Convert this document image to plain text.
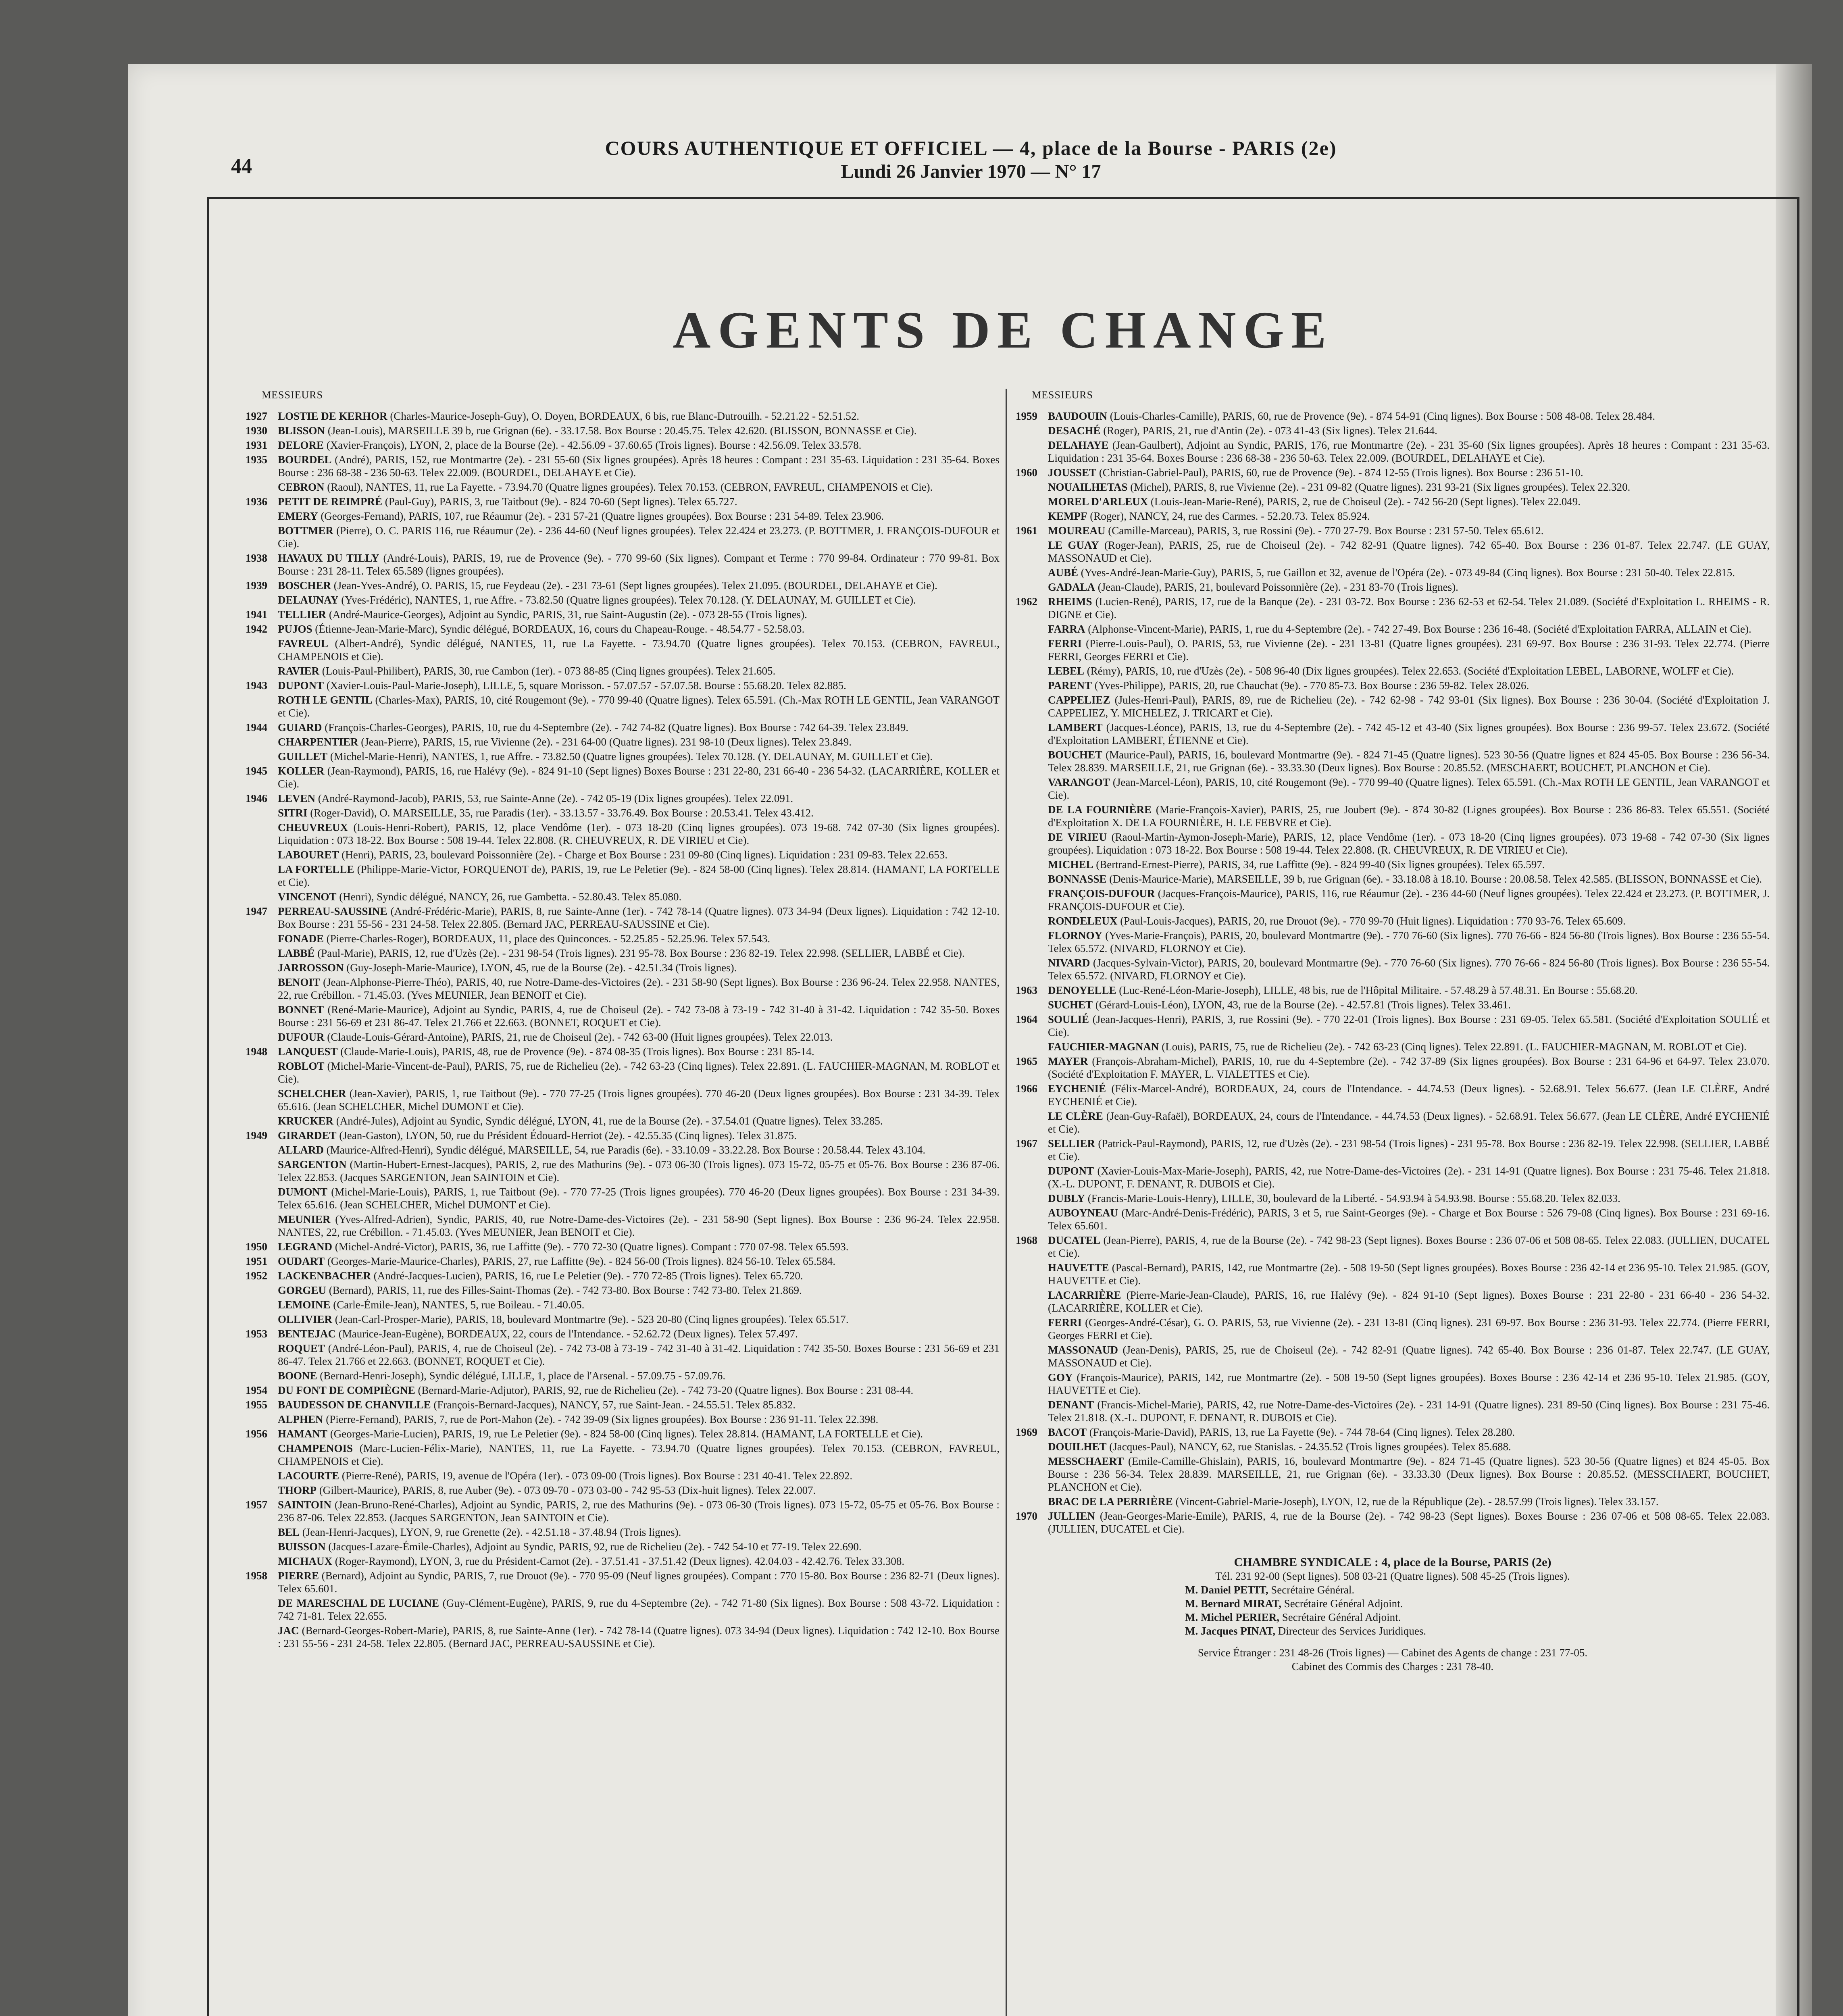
44
COURS AUTHENTIQUE ET OFFICIEL — 4, place de la Bourse - PARIS (2e)
Lundi 26 Janvier 1970 — N° 17
AGENTS DE CHANGE
MESSIEURS
1927 LOSTIE DE KERHOR (Charles-Maurice-Joseph-Guy), O. Doyen, BORDEAUX, 6 bis, rue Blanc-Dutrouilh. - 52.21.22 - 52.51.52.
1930 BLISSON (Jean-Louis), MARSEILLE 39 b, rue Grignan (6e). - 33.17.58. Box Bourse : 20.45.75. Telex 42.620. (BLISSON, BONNASSE et Cie).
1931 DELORE (Xavier-François), LYON, 2, place de la Bourse (2e). - 42.56.09 - 37.60.65 (Trois lignes). Bourse : 42.56.09. Telex 33.578.
1935 BOURDEL (André), PARIS, 152, rue Montmartre (2e). - 231 55-60 (Six lignes groupées). Après 18 heures : Compant : 231 35-63. Liquidation : 231 35-64. Boxes Bourse : 236 68-38 - 236 50-63. Telex 22.009. (BOURDEL, DELAHAYE et Cie).
CEBRON (Raoul), NANTES, 11, rue La Fayette. - 73.94.70 (Quatre lignes groupées). Telex 70.153. (CEBRON, FAVREUL, CHAMPENOIS et Cie).
1936 PETIT DE REIMPRÉ (Paul-Guy), PARIS, 3, rue Taitbout (9e). - 824 70-60 (Sept lignes). Telex 65.727.
EMERY (Georges-Fernand), PARIS, 107, rue Réaumur (2e). - 231 57-21 (Quatre lignes groupées). Box Bourse : 231 54-89. Telex 23.906.
BOTTMER (Pierre), O. C. PARIS 116, rue Réaumur (2e). - 236 44-60 (Neuf lignes groupées). Telex 22.424 et 23.273. (P. BOTTMER, J. FRANÇOIS-DUFOUR et Cie).
1938 HAVAUX DU TILLY (André-Louis), PARIS, 19, rue de Provence (9e). - 770 99-60 (Six lignes). Compant et Terme : 770 99-84. Ordinateur : 770 99-81. Box Bourse : 231 28-11. Telex 65.589 (lignes groupées).
1939 BOSCHER (Jean-Yves-André), O. PARIS, 15, rue Feydeau (2e). - 231 73-61 (Sept lignes groupées). Telex 21.095. (BOURDEL, DELAHAYE et Cie).
DELAUNAY (Yves-Frédéric), NANTES, 1, rue Affre. - 73.82.50 (Quatre lignes groupées). Telex 70.128. (Y. DELAUNAY, M. GUILLET et Cie).
1941 TELLIER (André-Maurice-Georges), Adjoint au Syndic, PARIS, 31, rue Saint-Augustin (2e). - 073 28-55 (Trois lignes).
1942 PUJOS (Étienne-Jean-Marie-Marc), Syndic délégué, BORDEAUX, 16, cours du Chapeau-Rouge. - 48.54.77 - 52.58.03.
FAVREUL (Albert-André), Syndic délégué, NANTES, 11, rue La Fayette. - 73.94.70 (Quatre lignes groupées). Telex 70.153. (CEBRON, FAVREUL, CHAMPENOIS et Cie).
RAVIER (Louis-Paul-Philibert), PARIS, 30, rue Cambon (1er). - 073 88-85 (Cinq lignes groupées). Telex 21.605.
1943 DUPONT (Xavier-Louis-Paul-Marie-Joseph), LILLE, 5, square Morisson. - 57.07.57 - 57.07.58. Bourse : 55.68.20. Telex 82.885.
ROTH LE GENTIL (Charles-Max), PARIS, 10, cité Rougemont (9e). - 770 99-40 (Quatre lignes). Telex 65.591. (Ch.-Max ROTH LE GENTIL, Jean VARANGOT et Cie).
1944 GUIARD (François-Charles-Georges), PARIS, 10, rue du 4-Septembre (2e). - 742 74-82 (Quatre lignes). Box Bourse : 742 64-39. Telex 23.849.
CHARPENTIER (Jean-Pierre), PARIS, 15, rue Vivienne (2e). - 231 64-00 (Quatre lignes). 231 98-10 (Deux lignes). Telex 23.849.
GUILLET (Michel-Marie-Henri), NANTES, 1, rue Affre. - 73.82.50 (Quatre lignes groupées). Telex 70.128. (Y. DELAUNAY, M. GUILLET et Cie).
1945 KOLLER (Jean-Raymond), PARIS, 16, rue Halévy (9e). - 824 91-10 (Sept lignes) Boxes Bourse : 231 22-80, 231 66-40 - 236 54-32. (LACARRIÈRE, KOLLER et Cie).
1946 LEVEN (André-Raymond-Jacob), PARIS, 53, rue Sainte-Anne (2e). - 742 05-19 (Dix lignes groupées). Telex 22.091.
SITRI (Roger-David), O. MARSEILLE, 35, rue Paradis (1er). - 33.13.57 - 33.76.49. Box Bourse : 20.53.41. Telex 43.412.
CHEUVREUX (Louis-Henri-Robert), PARIS, 12, place Vendôme (1er). - 073 18-20 (Cinq lignes groupées). 073 19-68. 742 07-30 (Six lignes groupées). Liquidation : 073 18-22. Box Bourse : 508 19-44. Telex 22.808. (R. CHEUVREUX, R. DE VIRIEU et Cie).
LABOURET (Henri), PARIS, 23, boulevard Poissonnière (2e). - Charge et Box Bourse : 231 09-80 (Cinq lignes). Liquidation : 231 09-83. Telex 22.653.
LA FORTELLE (Philippe-Marie-Victor, FORQUENOT de), PARIS, 19, rue Le Peletier (9e). - 824 58-00 (Cinq lignes). Telex 28.814. (HAMANT, LA FORTELLE et Cie).
VINCENOT (Henri), Syndic délégué, NANCY, 26, rue Gambetta. - 52.80.43. Telex 85.080.
1947 PERREAU-SAUSSINE (André-Frédéric-Marie), PARIS, 8, rue Sainte-Anne (1er). - 742 78-14 (Quatre lignes). 073 34-94 (Deux lignes). Liquidation : 742 12-10. Box Bourse : 231 55-56 - 231 24-58. Telex 22.805. (Bernard JAC, PERREAU-SAUSSINE et Cie).
FONADE (Pierre-Charles-Roger), BORDEAUX, 11, place des Quinconces. - 52.25.85 - 52.25.96. Telex 57.543.
LABBÉ (Paul-Marie), PARIS, 12, rue d'Uzès (2e). - 231 98-54 (Trois lignes). 231 95-78. Box Bourse : 236 82-19. Telex 22.998. (SELLIER, LABBÉ et Cie).
JARROSSON (Guy-Joseph-Marie-Maurice), LYON, 45, rue de la Bourse (2e). - 42.51.34 (Trois lignes).
BENOIT (Jean-Alphonse-Pierre-Théo), PARIS, 40, rue Notre-Dame-des-Victoires (2e). - 231 58-90 (Sept lignes). Box Bourse : 236 96-24. Telex 22.958. NANTES, 22, rue Crébillon. - 71.45.03. (Yves MEUNIER, Jean BENOIT et Cie).
BONNET (René-Marie-Maurice), Adjoint au Syndic, PARIS, 4, rue de Choiseul (2e). - 742 73-08 à 73-19 - 742 31-40 à 31-42. Liquidation : 742 35-50. Boxes Bourse : 231 56-69 et 231 86-47. Telex 21.766 et 22.663. (BONNET, ROQUET et Cie).
DUFOUR (Claude-Louis-Gérard-Antoine), PARIS, 21, rue de Choiseul (2e). - 742 63-00 (Huit lignes groupées). Telex 22.013.
1948 LANQUEST (Claude-Marie-Louis), PARIS, 48, rue de Provence (9e). - 874 08-35 (Trois lignes). Box Bourse : 231 85-14.
ROBLOT (Michel-Marie-Vincent-de-Paul), PARIS, 75, rue de Richelieu (2e). - 742 63-23 (Cinq lignes). Telex 22.891. (L. FAUCHIER-MAGNAN, M. ROBLOT et Cie).
SCHELCHER (Jean-Xavier), PARIS, 1, rue Taitbout (9e). - 770 77-25 (Trois lignes groupées). 770 46-20 (Deux lignes groupées). Box Bourse : 231 34-39. Telex 65.616. (Jean SCHELCHER, Michel DUMONT et Cie).
KRUCKER (André-Jules), Adjoint au Syndic, Syndic délégué, LYON, 41, rue de la Bourse (2e). - 37.54.01 (Quatre lignes). Telex 33.285.
1949 GIRARDET (Jean-Gaston), LYON, 50, rue du Président Édouard-Herriot (2e). - 42.55.35 (Cinq lignes). Telex 31.875.
ALLARD (Maurice-Alfred-Henri), Syndic délégué, MARSEILLE, 54, rue Paradis (6e). - 33.10.09 - 33.22.28. Box Bourse : 20.58.44. Telex 43.104.
SARGENTON (Martin-Hubert-Ernest-Jacques), PARIS, 2, rue des Mathurins (9e). - 073 06-30 (Trois lignes). 073 15-72, 05-75 et 05-76. Box Bourse : 236 87-06. Telex 22.853. (Jacques SARGENTON, Jean SAINTOIN et Cie).
DUMONT (Michel-Marie-Louis), PARIS, 1, rue Taitbout (9e). - 770 77-25 (Trois lignes groupées). 770 46-20 (Deux lignes groupées). Box Bourse : 231 34-39. Telex 65.616. (Jean SCHELCHER, Michel DUMONT et Cie).
MEUNIER (Yves-Alfred-Adrien), Syndic, PARIS, 40, rue Notre-Dame-des-Victoires (2e). - 231 58-90 (Sept lignes). Box Bourse : 236 96-24. Telex 22.958. NANTES, 22, rue Crébillon. - 71.45.03. (Yves MEUNIER, Jean BENOIT et Cie).
1950 LEGRAND (Michel-André-Victor), PARIS, 36, rue Laffitte (9e). - 770 72-30 (Quatre lignes). Compant : 770 07-98. Telex 65.593.
1951 OUDART (Georges-Marie-Maurice-Charles), PARIS, 27, rue Laffitte (9e). - 824 56-00 (Trois lignes). 824 56-10. Telex 65.584.
1952 LACKENBACHER (André-Jacques-Lucien), PARIS, 16, rue Le Peletier (9e). - 770 72-85 (Trois lignes). Telex 65.720.
GORGEU (Bernard), PARIS, 11, rue des Filles-Saint-Thomas (2e). - 742 73-80. Box Bourse : 742 73-80. Telex 21.869.
LEMOINE (Carle-Émile-Jean), NANTES, 5, rue Boileau. - 71.40.05.
OLLIVIER (Jean-Carl-Prosper-Marie), PARIS, 18, boulevard Montmartre (9e). - 523 20-80 (Cinq lignes groupées). Telex 65.517.
1953 BENTEJAC (Maurice-Jean-Eugène), BORDEAUX, 22, cours de l'Intendance. - 52.62.72 (Deux lignes). Telex 57.497.
ROQUET (André-Léon-Paul), PARIS, 4, rue de Choiseul (2e). - 742 73-08 à 73-19 - 742 31-40 à 31-42. Liquidation : 742 35-50. Boxes Bourse : 231 56-69 et 231 86-47. Telex 21.766 et 22.663. (BONNET, ROQUET et Cie).
BOONE (Bernard-Henri-Joseph), Syndic délégué, LILLE, 1, place de l'Arsenal. - 57.09.75 - 57.09.76.
1954 DU FONT DE COMPIÈGNE (Bernard-Marie-Adjutor), PARIS, 92, rue de Richelieu (2e). - 742 73-20 (Quatre lignes). Box Bourse : 231 08-44.
1955 BAUDESSON DE CHANVILLE (François-Bernard-Jacques), NANCY, 57, rue Saint-Jean. - 24.55.51. Telex 85.832.
ALPHEN (Pierre-Fernand), PARIS, 7, rue de Port-Mahon (2e). - 742 39-09 (Six lignes groupées). Box Bourse : 236 91-11. Telex 22.398.
1956 HAMANT (Georges-Marie-Lucien), PARIS, 19, rue Le Peletier (9e). - 824 58-00 (Cinq lignes). Telex 28.814. (HAMANT, LA FORTELLE et Cie).
CHAMPENOIS (Marc-Lucien-Félix-Marie), NANTES, 11, rue La Fayette. - 73.94.70 (Quatre lignes groupées). Telex 70.153. (CEBRON, FAVREUL, CHAMPENOIS et Cie).
LACOURTE (Pierre-René), PARIS, 19, avenue de l'Opéra (1er). - 073 09-00 (Trois lignes). Box Bourse : 231 40-41. Telex 22.892.
THORP (Gilbert-Maurice), PARIS, 8, rue Auber (9e). - 073 09-70 - 073 03-00 - 742 95-53 (Dix-huit lignes). Telex 22.007.
1957 SAINTOIN (Jean-Bruno-René-Charles), Adjoint au Syndic, PARIS, 2, rue des Mathurins (9e). - 073 06-30 (Trois lignes). 073 15-72, 05-75 et 05-76. Box Bourse : 236 87-06. Telex 22.853. (Jacques SARGENTON, Jean SAINTOIN et Cie).
BEL (Jean-Henri-Jacques), LYON, 9, rue Grenette (2e). - 42.51.18 - 37.48.94 (Trois lignes).
BUISSON (Jacques-Lazare-Émile-Charles), Adjoint au Syndic, PARIS, 92, rue de Richelieu (2e). - 742 54-10 et 77-19. Telex 22.690.
MICHAUX (Roger-Raymond), LYON, 3, rue du Président-Carnot (2e). - 37.51.41 - 37.51.42 (Deux lignes). 42.04.03 - 42.42.76. Telex 33.308.
1958 PIERRE (Bernard), Adjoint au Syndic, PARIS, 7, rue Drouot (9e). - 770 95-09 (Neuf lignes groupées). Compant : 770 15-80. Box Bourse : 236 82-71 (Deux lignes). Telex 65.601.
DE MARESCHAL DE LUCIANE (Guy-Clément-Eugène), PARIS, 9, rue du 4-Septembre (2e). - 742 71-80 (Six lignes). Box Bourse : 508 43-72. Liquidation : 742 71-81. Telex 22.655.
JAC (Bernard-Georges-Robert-Marie), PARIS, 8, rue Sainte-Anne (1er). - 742 78-14 (Quatre lignes). 073 34-94 (Deux lignes). Liquidation : 742 12-10. Box Bourse : 231 55-56 - 231 24-58. Telex 22.805. (Bernard JAC, PERREAU-SAUSSINE et Cie).
MESSIEURS
1959 BAUDOUIN (Louis-Charles-Camille), PARIS, 60, rue de Provence (9e). - 874 54-91 (Cinq lignes). Box Bourse : 508 48-08. Telex 28.484.
DESACHÉ (Roger), PARIS, 21, rue d'Antin (2e). - 073 41-43 (Six lignes). Telex 21.644.
DELAHAYE (Jean-Gaulbert), Adjoint au Syndic, PARIS, 176, rue Montmartre (2e). - 231 35-60 (Six lignes groupées). Après 18 heures : Compant : 231 35-63. Liquidation : 231 35-64. Boxes Bourse : 236 68-38 - 236 50-63. Telex 22.009. (BOURDEL, DELAHAYE et Cie).
1960 JOUSSET (Christian-Gabriel-Paul), PARIS, 60, rue de Provence (9e). - 874 12-55 (Trois lignes). Box Bourse : 236 51-10.
NOUAILHETAS (Michel), PARIS, 8, rue Vivienne (2e). - 231 09-82 (Quatre lignes). 231 93-21 (Six lignes groupées). Telex 22.320.
MOREL D'ARLEUX (Louis-Jean-Marie-René), PARIS, 2, rue de Choiseul (2e). - 742 56-20 (Sept lignes). Telex 22.049.
KEMPF (Roger), NANCY, 24, rue des Carmes. - 52.20.73. Telex 85.924.
1961 MOUREAU (Camille-Marceau), PARIS, 3, rue Rossini (9e). - 770 27-79. Box Bourse : 231 57-50. Telex 65.612.
LE GUAY (Roger-Jean), PARIS, 25, rue de Choiseul (2e). - 742 82-91 (Quatre lignes). 742 65-40. Box Bourse : 236 01-87. Telex 22.747. (LE GUAY, MASSONAUD et Cie).
AUBÉ (Yves-André-Jean-Marie-Guy), PARIS, 5, rue Gaillon et 32, avenue de l'Opéra (2e). - 073 49-84 (Cinq lignes). Box Bourse : 231 50-40. Telex 22.815.
GADALA (Jean-Claude), PARIS, 21, boulevard Poissonnière (2e). - 231 83-70 (Trois lignes).
1962 RHEIMS (Lucien-René), PARIS, 17, rue de la Banque (2e). - 231 03-72. Box Bourse : 236 62-53 et 62-54. Telex 21.089. (Société d'Exploitation L. RHEIMS - R. DIGNE et Cie).
FARRA (Alphonse-Vincent-Marie), PARIS, 1, rue du 4-Septembre (2e). - 742 27-49. Box Bourse : 236 16-48. (Société d'Exploitation FARRA, ALLAIN et Cie).
FERRI (Pierre-Louis-Paul), O. PARIS, 53, rue Vivienne (2e). - 231 13-81 (Quatre lignes groupées). 231 69-97. Box Bourse : 236 31-93. Telex 22.774. (Pierre FERRI, Georges FERRI et Cie).
LEBEL (Rémy), PARIS, 10, rue d'Uzès (2e). - 508 96-40 (Dix lignes groupées). Telex 22.653. (Société d'Exploitation LEBEL, LABORNE, WOLFF et Cie).
PARENT (Yves-Philippe), PARIS, 20, rue Chauchat (9e). - 770 85-73. Box Bourse : 236 59-82. Telex 28.026.
CAPPELIEZ (Jules-Henri-Paul), PARIS, 89, rue de Richelieu (2e). - 742 62-98 - 742 93-01 (Six lignes). Box Bourse : 236 30-04. (Société d'Exploitation J. CAPPELIEZ, Y. MICHELEZ, J. TRICART et Cie).
LAMBERT (Jacques-Léonce), PARIS, 13, rue du 4-Septembre (2e). - 742 45-12 et 43-40 (Six lignes groupées). Box Bourse : 236 99-57. Telex 23.672. (Société d'Exploitation LAMBERT, ÉTIENNE et Cie).
BOUCHET (Maurice-Paul), PARIS, 16, boulevard Montmartre (9e). - 824 71-45 (Quatre lignes). 523 30-56 (Quatre lignes et 824 45-05. Box Bourse : 236 56-34. Telex 28.839. MARSEILLE, 21, rue Grignan (6e). - 33.33.30 (Deux lignes). Box Bourse : 20.85.52. (MESCHAERT, BOUCHET, PLANCHON et Cie).
VARANGOT (Jean-Marcel-Léon), PARIS, 10, cité Rougemont (9e). - 770 99-40 (Quatre lignes). Telex 65.591. (Ch.-Max ROTH LE GENTIL, Jean VARANGOT et Cie).
DE LA FOURNIÈRE (Marie-François-Xavier), PARIS, 25, rue Joubert (9e). - 874 30-82 (Lignes groupées). Box Bourse : 236 86-83. Telex 65.551. (Société d'Exploitation X. DE LA FOURNIÈRE, H. LE FEBVRE et Cie).
DE VIRIEU (Raoul-Martin-Aymon-Joseph-Marie), PARIS, 12, place Vendôme (1er). - 073 18-20 (Cinq lignes groupées). 073 19-68 - 742 07-30 (Six lignes groupées). Liquidation : 073 18-22. Box Bourse : 508 19-44. Telex 22.808. (R. CHEUVREUX, R. DE VIRIEU et Cie).
MICHEL (Bertrand-Ernest-Pierre), PARIS, 34, rue Laffitte (9e). - 824 99-40 (Six lignes groupées). Telex 65.597.
BONNASSE (Denis-Maurice-Marie), MARSEILLE, 39 b, rue Grignan (6e). - 33.18.08 à 18.10. Bourse : 20.08.58. Telex 42.585. (BLISSON, BONNASSE et Cie).
FRANÇOIS-DUFOUR (Jacques-François-Maurice), PARIS, 116, rue Réaumur (2e). - 236 44-60 (Neuf lignes groupées). Telex 22.424 et 23.273. (P. BOTTMER, J. FRANÇOIS-DUFOUR et Cie).
RONDELEUX (Paul-Louis-Jacques), PARIS, 20, rue Drouot (9e). - 770 99-70 (Huit lignes). Liquidation : 770 93-76. Telex 65.609.
FLORNOY (Yves-Marie-François), PARIS, 20, boulevard Montmartre (9e). - 770 76-60 (Six lignes). 770 76-66 - 824 56-80 (Trois lignes). Box Bourse : 236 55-54. Telex 65.572. (NIVARD, FLORNOY et Cie).
NIVARD (Jacques-Sylvain-Victor), PARIS, 20, boulevard Montmartre (9e). - 770 76-60 (Six lignes). 770 76-66 - 824 56-80 (Trois lignes). Box Bourse : 236 55-54. Telex 65.572. (NIVARD, FLORNOY et Cie).
1963 DENOYELLE (Luc-René-Léon-Marie-Joseph), LILLE, 48 bis, rue de l'Hôpital Militaire. - 57.48.29 à 57.48.31. En Bourse : 55.68.20.
SUCHET (Gérard-Louis-Léon), LYON, 43, rue de la Bourse (2e). - 42.57.81 (Trois lignes). Telex 33.461.
1964 SOULIÉ (Jean-Jacques-Henri), PARIS, 3, rue Rossini (9e). - 770 22-01 (Trois lignes). Box Bourse : 231 69-05. Telex 65.581. (Société d'Exploitation SOULIÉ et Cie).
FAUCHIER-MAGNAN (Louis), PARIS, 75, rue de Richelieu (2e). - 742 63-23 (Cinq lignes). Telex 22.891. (L. FAUCHIER-MAGNAN, M. ROBLOT et Cie).
1965 MAYER (François-Abraham-Michel), PARIS, 10, rue du 4-Septembre (2e). - 742 37-89 (Six lignes groupées). Box Bourse : 231 64-96 et 64-97. Telex 23.070. (Société d'Exploitation F. MAYER, L. VIALETTES et Cie).
1966 EYCHENIÉ (Félix-Marcel-André), BORDEAUX, 24, cours de l'Intendance. - 44.74.53 (Deux lignes). - 52.68.91. Telex 56.677. (Jean LE CLÈRE, André EYCHENIÉ et Cie).
LE CLÈRE (Jean-Guy-Rafaël), BORDEAUX, 24, cours de l'Intendance. - 44.74.53 (Deux lignes). - 52.68.91. Telex 56.677. (Jean LE CLÈRE, André EYCHENIÉ et Cie).
1967 SELLIER (Patrick-Paul-Raymond), PARIS, 12, rue d'Uzès (2e). - 231 98-54 (Trois lignes) - 231 95-78. Box Bourse : 236 82-19. Telex 22.998. (SELLIER, LABBÉ et Cie).
DUPONT (Xavier-Louis-Max-Marie-Joseph), PARIS, 42, rue Notre-Dame-des-Victoires (2e). - 231 14-91 (Quatre lignes). Box Bourse : 231 75-46. Telex 21.818. (X.-L. DUPONT, F. DENANT, R. DUBOIS et Cie).
DUBLY (Francis-Marie-Louis-Henry), LILLE, 30, boulevard de la Liberté. - 54.93.94 à 54.93.98. Bourse : 55.68.20. Telex 82.033.
AUBOYNEAU (Marc-André-Denis-Frédéric), PARIS, 3 et 5, rue Saint-Georges (9e). - Charge et Box Bourse : 526 79-08 (Cinq lignes). Box Bourse : 231 69-16. Telex 65.601.
1968 DUCATEL (Jean-Pierre), PARIS, 4, rue de la Bourse (2e). - 742 98-23 (Sept lignes). Boxes Bourse : 236 07-06 et 508 08-65. Telex 22.083. (JULLIEN, DUCATEL et Cie).
HAUVETTE (Pascal-Bernard), PARIS, 142, rue Montmartre (2e). - 508 19-50 (Sept lignes groupées). Boxes Bourse : 236 42-14 et 236 95-10. Telex 21.985. (GOY, HAUVETTE et Cie).
LACARRIÈRE (Pierre-Marie-Jean-Claude), PARIS, 16, rue Halévy (9e). - 824 91-10 (Sept lignes). Boxes Bourse : 231 22-80 - 231 66-40 - 236 54-32. (LACARRIÈRE, KOLLER et Cie).
FERRI (Georges-André-César), G. O. PARIS, 53, rue Vivienne (2e). - 231 13-81 (Cinq lignes). 231 69-97. Box Bourse : 236 31-93. Telex 22.774. (Pierre FERRI, Georges FERRI et Cie).
MASSONAUD (Jean-Denis), PARIS, 25, rue de Choiseul (2e). - 742 82-91 (Quatre lignes). 742 65-40. Box Bourse : 236 01-87. Telex 22.747. (LE GUAY, MASSONAUD et Cie).
GOY (François-Maurice), PARIS, 142, rue Montmartre (2e). - 508 19-50 (Sept lignes groupées). Boxes Bourse : 236 42-14 et 236 95-10. Telex 21.985. (GOY, HAUVETTE et Cie).
DENANT (Francis-Michel-Marie), PARIS, 42, rue Notre-Dame-des-Victoires (2e). - 231 14-91 (Quatre lignes). 231 89-50 (Cinq lignes). Box Bourse : 231 75-46. Telex 21.818. (X.-L. DUPONT, F. DENANT, R. DUBOIS et Cie).
1969 BACOT (François-Marie-David), PARIS, 13, rue La Fayette (9e). - 744 78-64 (Cinq lignes). Telex 28.280.
DOUILHET (Jacques-Paul), NANCY, 62, rue Stanislas. - 24.35.52 (Trois lignes groupées). Telex 85.688.
MESSCHAERT (Emile-Camille-Ghislain), PARIS, 16, boulevard Montmartre (9e). - 824 71-45 (Quatre lignes). 523 30-56 (Quatre lignes) et 824 45-05. Box Bourse : 236 56-34. Telex 28.839. MARSEILLE, 21, rue Grignan (6e). - 33.33.30 (Deux lignes). Box Bourse : 20.85.52. (MESSCHAERT, BOUCHET, PLANCHON et Cie).
BRAC DE LA PERRIÈRE (Vincent-Gabriel-Marie-Joseph), LYON, 12, rue de la République (2e). - 28.57.99 (Trois lignes). Telex 33.157.
1970 JULLIEN (Jean-Georges-Marie-Emile), PARIS, 4, rue de la Bourse (2e). - 742 98-23 (Sept lignes). Boxes Bourse : 236 07-06 et 508 08-65. Telex 22.083. (JULLIEN, DUCATEL et Cie).
CHAMBRE SYNDICALE : 4, place de la Bourse, PARIS (2e)
Tél. 231 92-00 (Sept lignes). 508 03-21 (Quatre lignes). 508 45-25 (Trois lignes).
M. Daniel PETIT, Secrétaire Général.
M. Bernard MIRAT, Secrétaire Général Adjoint.
M. Michel PERIER, Secrétaire Général Adjoint.
M. Jacques PINAT, Directeur des Services Juridiques.
Service Étranger : 231 48-26 (Trois lignes) — Cabinet des Agents de change : 231 77-05.
Cabinet des Commis des Charges : 231 78-40.
